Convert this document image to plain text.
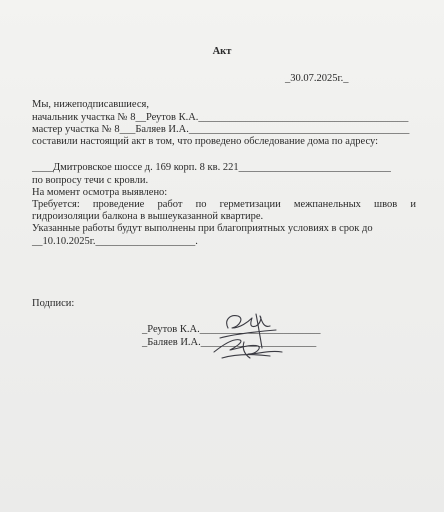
Акт
_30.07.2025г._
Мы, нижеподписавшиеся,
начальник участка № 8__Реутов К.А.________________________________________
мастер участка № 8___Баляев И.А.__________________________________________
составили настоящий акт в том, что проведено обследование дома по адресу:
____Дмитровское шоссе д. 169 корп. 8 кв. 221_____________________________
по вопросу течи с кровли.
На момент осмотра выявлено:
Требуется: проведение работ по герметизации межпанельных швов и
гидроизоляции балкона в вышеуказанной квартире.
Указанные работы будут выполнены при благоприятных условиях в срок до
__10.10.2025г.___________________.
Подписи:
_Реутов К.А._______________________
_Баляев И.А.______________________
